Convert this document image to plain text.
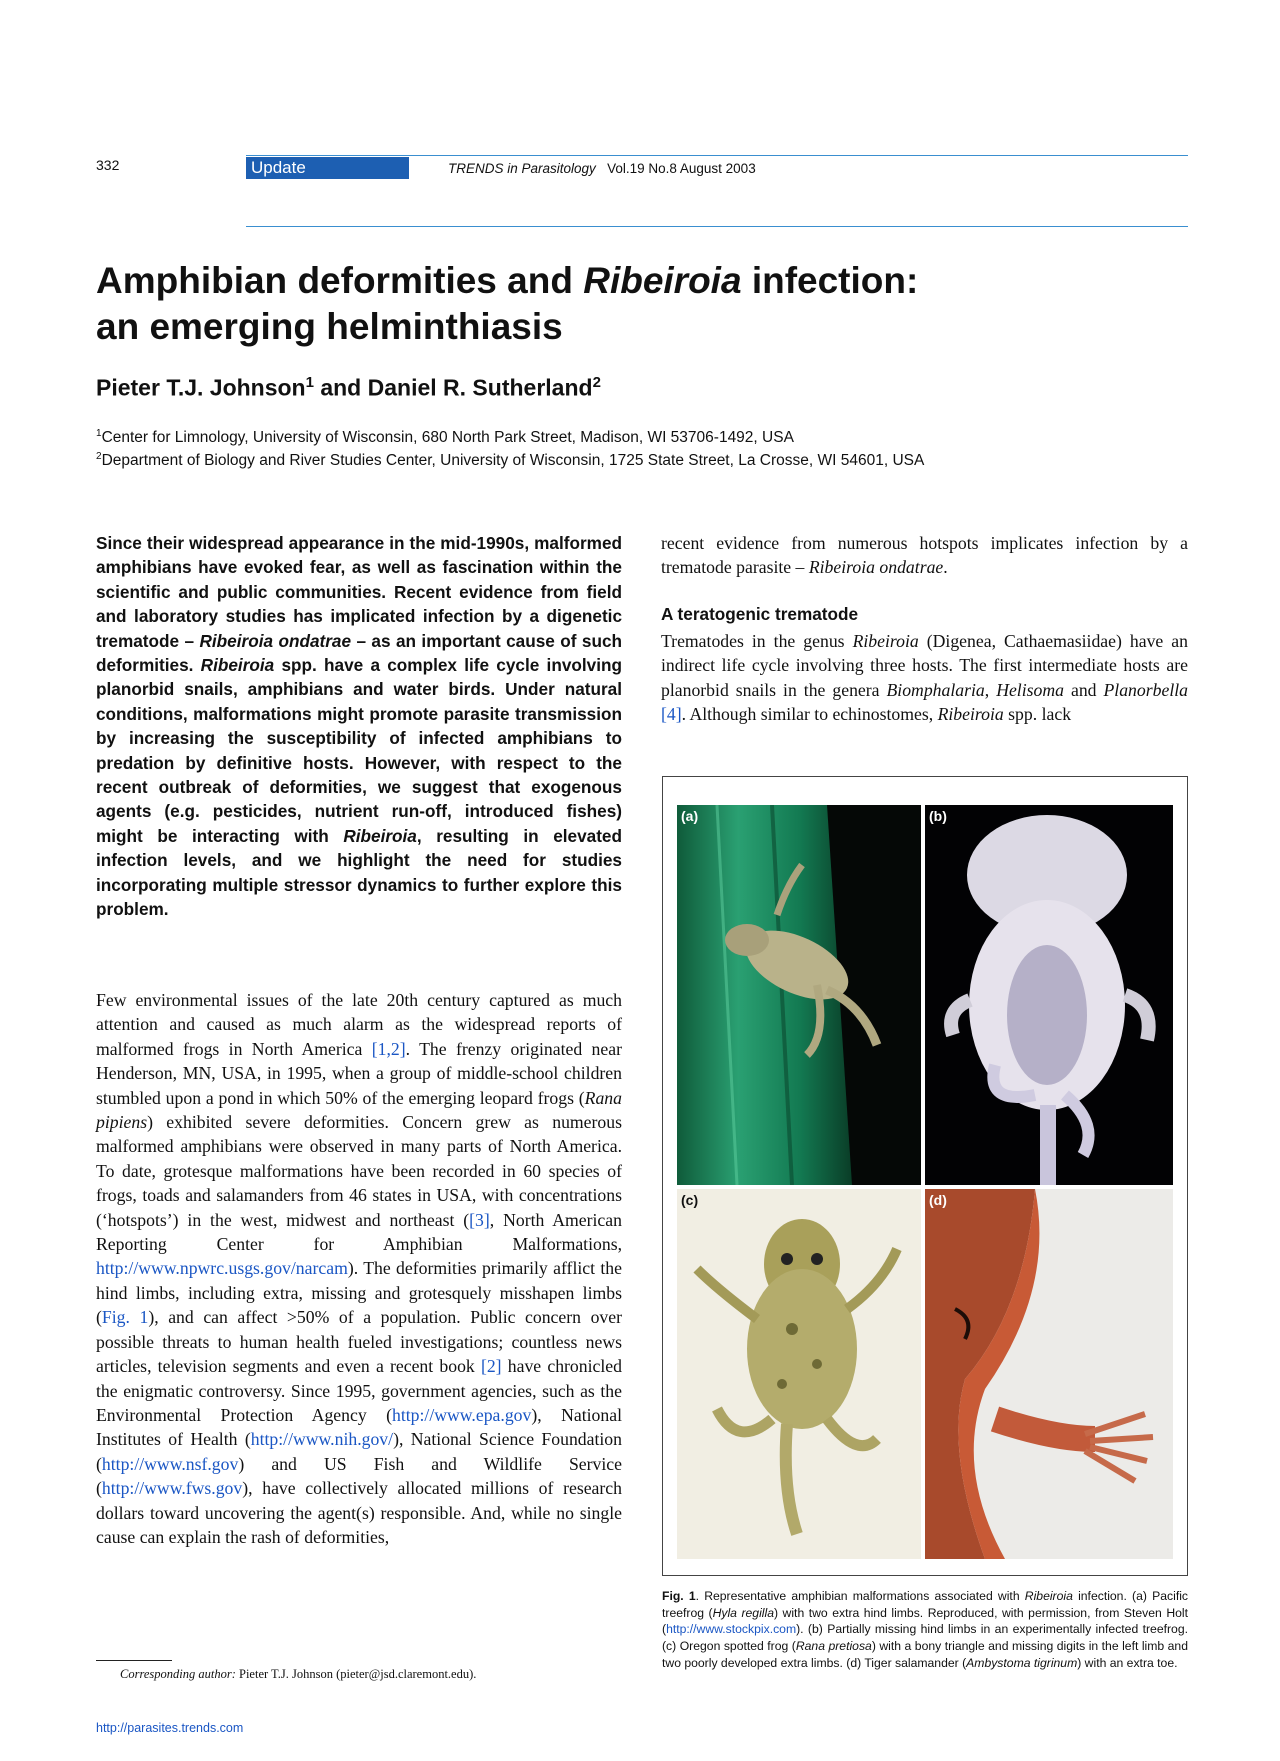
332	Update	TRENDS in Parasitology Vol.19 No.8 August 2003
Amphibian deformities and Ribeiroia infection:
an emerging helminthiasis
Pieter T.J. Johnson$^1$ and Daniel R. Sutherland$^2$
$^1$Center for Limnology, University of Wisconsin, 680 North Park Street, Madison, WI 53706-1492, USA
$^2$Department of Biology and River Studies Center, University of Wisconsin, 1725 State Street, La Crosse, WI 54601, USA
Since their widespread appearance in the mid-1990s, malformed amphibians have evoked fear, as well as fascination within the scientific and public communities. Recent evidence from field and laboratory studies has implicated infection by a digenetic trematode – Ribeiroia ondatrae – as an important cause of such deformities. Ribeiroia spp. have a complex life cycle involving planorbid snails, amphibians and water birds. Under natural conditions, malformations might promote parasite transmission by increasing the susceptibility of infected amphibians to predation by definitive hosts. However, with respect to the recent outbreak of deformities, we suggest that exogenous agents (e.g. pesticides, nutrient run-off, introduced fishes) might be interacting with Ribeiroia, resulting in elevated infection levels, and we highlight the need for studies incorporating multiple stressor dynamics to further explore this problem.
Few environmental issues of the late 20th century captured as much attention and caused as much alarm as the widespread reports of malformed frogs in North America [1,2]. The frenzy originated near Henderson, MN, USA, in 1995, when a group of middle-school children stumbled upon a pond in which 50% of the emerging leopard frogs (Rana pipiens) exhibited severe deformities. Concern grew as numerous malformed amphibians were observed in many parts of North America. To date, grotesque malformations have been recorded in 60 species of frogs, toads and salamanders from 46 states in USA, with concentrations (‘hotspots’) in the west, midwest and northeast ([3], North American Reporting Center for Amphibian Malformations, http://www.npwrc.usgs.gov/narcam). The deformities primarily afflict the hind limbs, including extra, missing and grotesquely misshapen limbs (Fig. 1), and can affect >50% of a population. Public concern over possible threats to human health fueled investigations; countless news articles, television segments and even a recent book [2] have chronicled the enigmatic controversy. Since 1995, government agencies, such as the Environmental Protection Agency (http://www.epa.gov), National Institutes of Health (http://www.nih.gov/), National Science Foundation (http://www.nsf.gov) and US Fish and Wildlife Service (http://www.fws.gov), have collectively allocated millions of research dollars toward uncovering the agent(s) responsible. And, while no single cause can explain the rash of deformities,
Corresponding author: Pieter T.J. Johnson (pieter@jsd.claremont.edu).
http://parasites.trends.com
recent evidence from numerous hotspots implicates infection by a trematode parasite – Ribeiroia ondatrae.
A teratogenic trematode
Trematodes in the genus Ribeiroia (Digenea, Cathaemasiidae) have an indirect life cycle involving three hosts. The first intermediate hosts are planorbid snails in the genera Biomphalaria, Helisoma and Planorbella [4]. Although similar to echinostomes, Ribeiroia spp. lack
(a)	(b)
(c)	(d)
Fig. 1. Representative amphibian malformations associated with Ribeiroia infection. (a) Pacific treefrog (Hyla regilla) with two extra hind limbs. Reproduced, with permission, from Steven Holt (http://www.stockpix.com). (b) Partially missing hind limbs in an experimentally infected treefrog. (c) Oregon spotted frog (Rana pretiosa) with a bony triangle and missing digits in the left limb and two poorly developed extra limbs. (d) Tiger salamander (Ambystoma tigrinum) with an extra toe.
